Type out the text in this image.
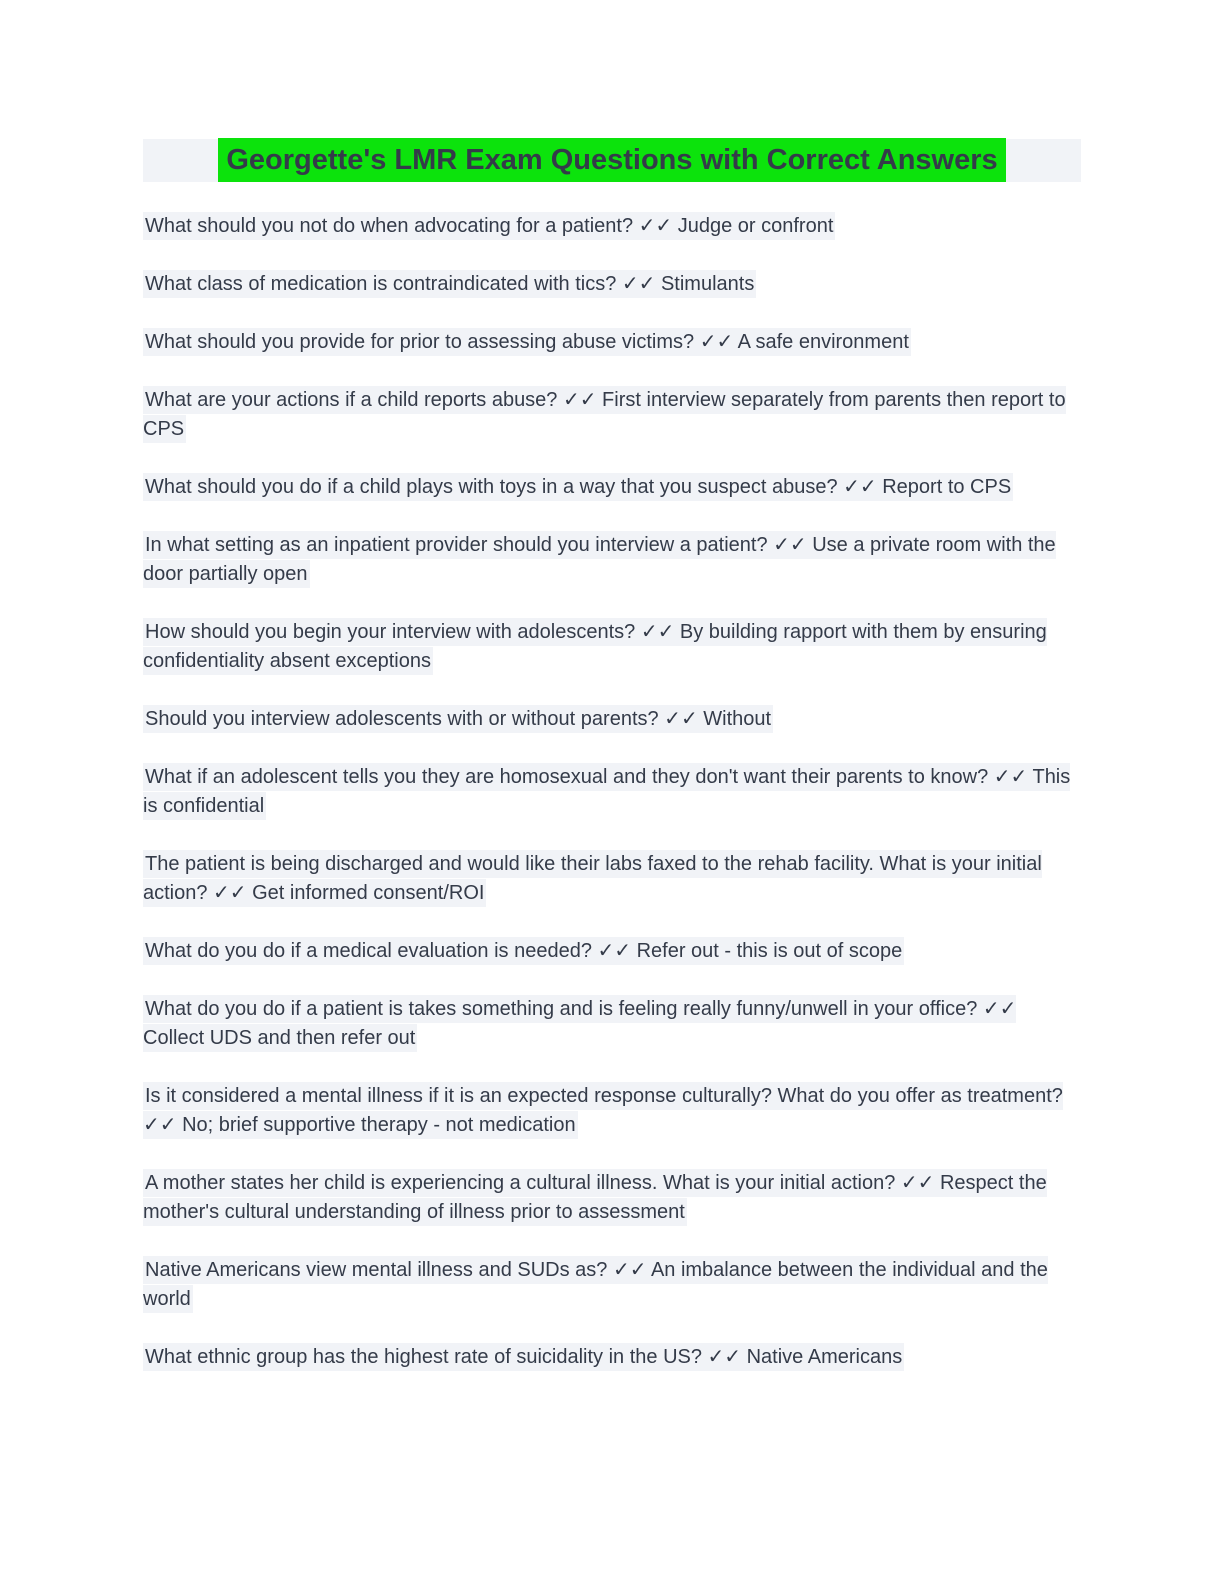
Georgette's LMR Exam Questions with Correct Answers

What should you not do when advocating for a patient? ✓✓ Judge or confront

What class of medication is contraindicated with tics? ✓✓ Stimulants

What should you provide for prior to assessing abuse victims? ✓✓ A safe environment

What are your actions if a child reports abuse? ✓✓ First interview separately from parents then report to CPS

What should you do if a child plays with toys in a way that you suspect abuse? ✓✓ Report to CPS

In what setting as an inpatient provider should you interview a patient? ✓✓ Use a private room with the door partially open

How should you begin your interview with adolescents? ✓✓ By building rapport with them by ensuring confidentiality absent exceptions

Should you interview adolescents with or without parents? ✓✓ Without

What if an adolescent tells you they are homosexual and they don't want their parents to know? ✓✓ This is confidential

The patient is being discharged and would like their labs faxed to the rehab facility. What is your initial action? ✓✓ Get informed consent/ROI

What do you do if a medical evaluation is needed? ✓✓ Refer out - this is out of scope

What do you do if a patient is takes something and is feeling really funny/unwell in your office? ✓✓ Collect UDS and then refer out

Is it considered a mental illness if it is an expected response culturally? What do you offer as treatment? ✓✓ No; brief supportive therapy - not medication

A mother states her child is experiencing a cultural illness. What is your initial action? ✓✓ Respect the mother's cultural understanding of illness prior to assessment

Native Americans view mental illness and SUDs as? ✓✓ An imbalance between the individual and the world

What ethnic group has the highest rate of suicidality in the US? ✓✓ Native Americans
